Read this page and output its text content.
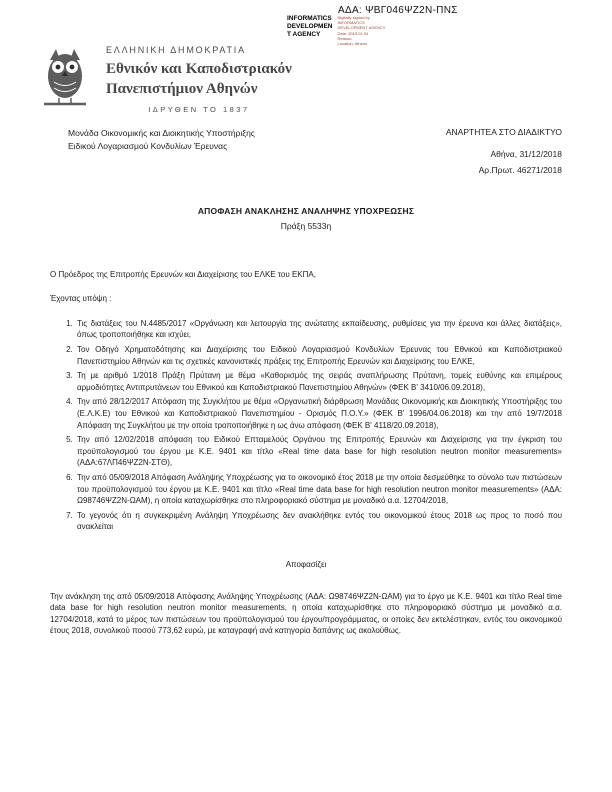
ΑΔΑ: ΨΒΓ046ΨΖ2Ν-ΠΝΣ
INFORMATICS
DEVELOPMEN
T AGENCY
Digitally signed by
INFORMATICS
DEVELOPMENT AGENCY
Date: 2019.01.04
Reason:
Location: Athens
ΕΛΛΗΝΙΚΗ ΔΗΜΟΚΡΑΤΙΑ
Εθνικόν και Καποδιστριακόν
Πανεπιστήμιον Αθηνών
ΙΔΡΥΘΕΝ ΤΟ 1837
Μονάδα Οικονομικής και Διοικητικής Υποστήριξης
Ειδικού Λογαριασμού Κονδυλίων Έρευνας
ΑΝΑΡΤΗΤΕΑ ΣΤΟ ΔΙΑΔΙΚΤΥΟ
Αθήνα, 31/12/2018
Αρ.Πρωτ. 46271/2018
ΑΠΟΦΑΣΗ ΑΝΑΚΛΗΣΗΣ ΑΝΑΛΗΨΗΣ ΥΠΟΧΡΕΩΣΗΣ
Πράξη 5533η

Ο Πρόεδρος της Επιτροπής Ερευνών και Διαχείρισης του ΕΛΚΕ του ΕΚΠΑ,

Έχοντας υπόψη :

1. Τις διατάξεις του Ν.4485/2017 «Οργάνωση και λειτουργία της ανώτατης εκπαίδευσης, ρυθμίσεις για την έρευνα και άλλες διατάξεις», όπως τροποποιήθηκε και ισχύει,
2. Τον Οδηγό Χρηματοδότησης και Διαχείρισης του Ειδικού Λογαριασμού Κονδυλίων Έρευνας του Εθνικού και Καποδιστριακού Πανεπιστημίου Αθηνών και τις σχετικές κανονιστικές πράξεις της Επιτροπής Ερευνών και Διαχείρισης του ΕΛΚΕ,
3. Τη με αριθμό 1/2018 Πράξη Πρύτανη με θέμα «Καθορισμός της σειράς αναπλήρωσης Πρύτανη, τομείς ευθύνης και επιμέρους αρμοδιότητες Αντιπρυτάνεων του Εθνικού και Καποδιστριακού Πανεπιστημίου Αθηνών» (ΦΕΚ Β' 3410/06.09.2018),
4. Την από 28/12/2017 Απόφαση της Συγκλήτου με θέμα «Οργανωτική διάρθρωση Μονάδας Οικονομικής και Διοικητικής Υποστήριξης του (Ε.Λ.Κ.Ε) του Εθνικού και Καποδιστριακού Πανεπιστημίου - Ορισμός Π.Ο.Υ.» (ΦΕΚ Β' 1996/04.06.2018) και την από 19/7/2018 Απόφαση της Συγκλήτου με την οποία τροποποιήθηκε η ως άνω απόφαση (ΦΕΚ Β' 4118/20.09.2018),
5. Την από 12/02/2018 απόφαση του Ειδικού Επταμελούς Οργάνου της Επιτροπής Ερευνών και Διαχείρισης για την έγκριση του προϋπολογισμού του έργου με Κ.Ε. 9401 και τίτλο «Real time data base for high resolution neutron monitor measurements» (ΑΔΑ:67ΛΠ46ΨΖ2Ν-ΣΤΘ),
6. Την από 05/09/2018 Απόφαση Ανάληψης Υποχρέωσης για το οικονομικό έτος 2018 με την οποία δεσμεύθηκε το σύνολο των πιστώσεων του προϋπολογισμού του έργου με Κ.Ε. 9401 και τίτλο «Real time data base for high resolution neutron monitor measurements» (ΑΔΑ: Ω98746ΨΖ2Ν-ΩΑΜ), η οποία καταχωρίσθηκε στο πληροφοριακό σύστημα με μοναδικό α.α. 12704/2018,
7. Το γεγονός ότι η συγκεκριμένη Ανάληψη Υποχρέωσης δεν ανακλήθηκε εντός του οικονομικού έτους 2018 ως προς το ποσό που ανακλείται
Αποφασίζει

Την ανάκληση της από 05/09/2018 Απόφασης Ανάληψης Υποχρέωσης (ΑΔΑ: Ω98746ΨΖ2Ν-ΩΑΜ) για το έργο με Κ.Ε. 9401 και τίτλο Real time data base for high resolution neutron monitor measurements, η οποία καταχωρίσθηκε στο πληροφοριακό σύστημα με μοναδικό α.α. 12704/2018, κατά το μέρος των πιστώσεων του προϋπολογισμού του έργου/προγράμματος, οι οποίες δεν εκτελέστηκαν, εντός του οικονομικού έτους 2018, συνολικού ποσού 773,62 ευρώ, με καταγραφή ανά κατηγορία δαπάνης ως ακολούθως.
